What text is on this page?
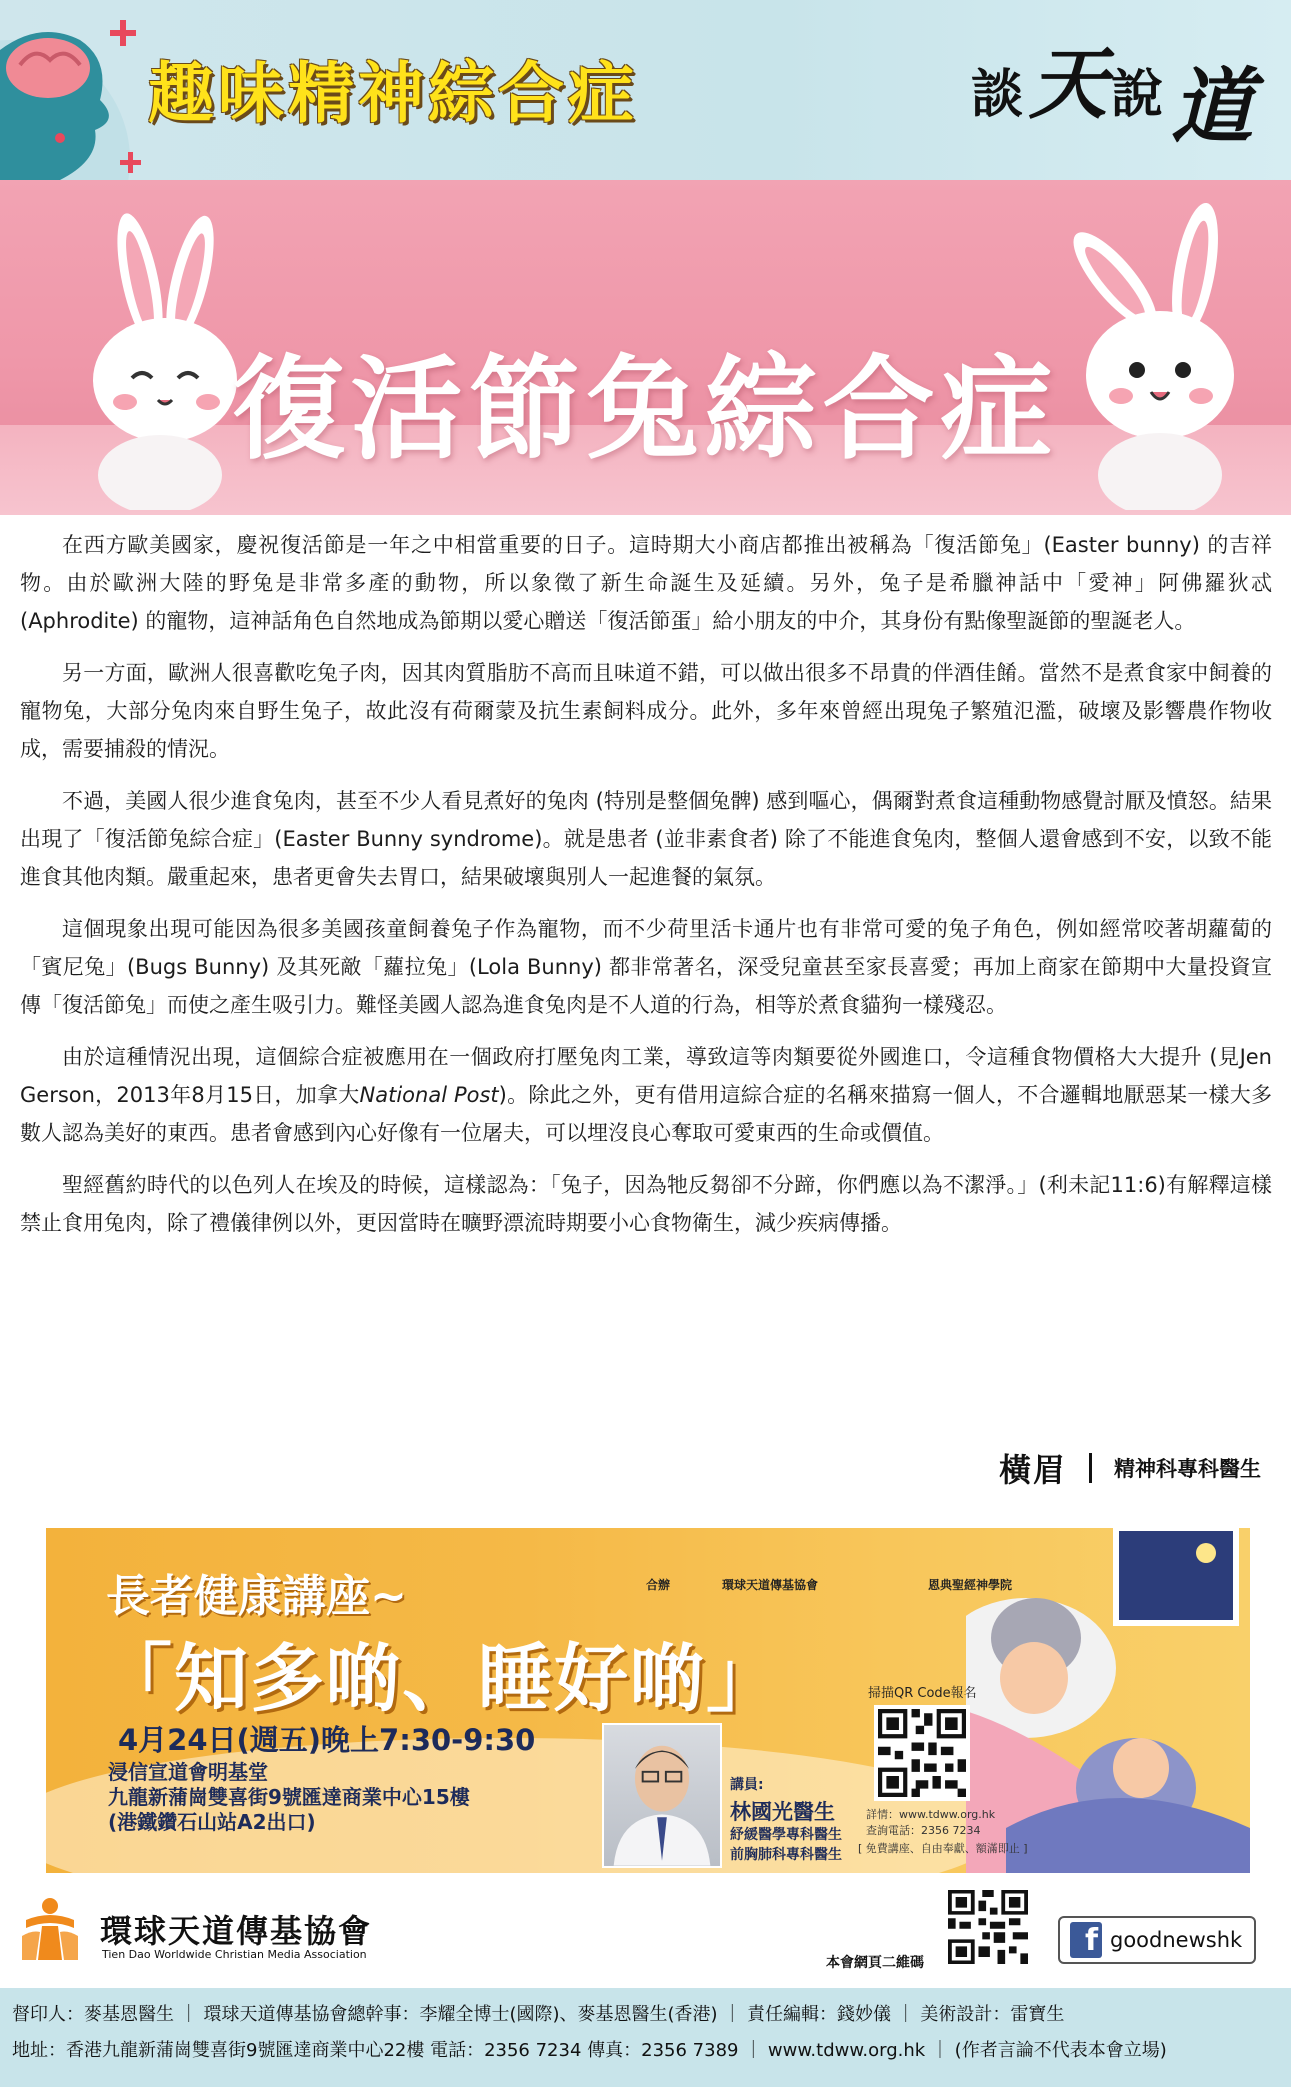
趣味精神綜合症	談 天 說 道
復活節兔綜合症

在西方歐美國家，慶祝復活節是一年之中相當重要的日子。這時期大小商店都推出被稱為「復活節兔」(Easter bunny) 的吉祥物。由於歐洲大陸的野兔是非常多產的動物，所以象徵了新生命誕生及延續。另外，兔子是希臘神話中「愛神」阿佛羅狄忒 (Aphrodite) 的寵物，這神話角色自然地成為節期以愛心贈送「復活節蛋」給小朋友的中介，其身份有點像聖誕節的聖誕老人。

另一方面，歐洲人很喜歡吃兔子肉，因其肉質脂肪不高而且味道不錯，可以做出很多不昂貴的伴酒佳餚。當然不是煮食家中飼養的寵物兔，大部分兔肉來自野生兔子，故此沒有荷爾蒙及抗生素飼料成分。此外，多年來曾經出現兔子繁殖氾濫，破壞及影響農作物收成，需要捕殺的情況。

不過，美國人很少進食兔肉，甚至不少人看見煮好的兔肉 (特別是整個兔髀) 感到嘔心，偶爾對煮食這種動物感覺討厭及憤怒。結果出現了「復活節兔綜合症」(Easter Bunny syndrome)。就是患者 (並非素食者) 除了不能進食兔肉，整個人還會感到不安，以致不能進食其他肉類。嚴重起來，患者更會失去胃口，結果破壞與別人一起進餐的氣氛。

這個現象出現可能因為很多美國孩童飼養兔子作為寵物，而不少荷里活卡通片也有非常可愛的兔子角色，例如經常咬著胡蘿蔔的「賓尼兔」(Bugs Bunny) 及其死敵「蘿拉兔」(Lola Bunny) 都非常著名，深受兒童甚至家長喜愛；再加上商家在節期中大量投資宣傳「復活節兔」而使之產生吸引力。難怪美國人認為進食兔肉是不人道的行為，相等於煮食貓狗一樣殘忍。

由於這種情況出現，這個綜合症被應用在一個政府打壓兔肉工業，導致這等肉類要從外國進口，令這種食物價格大大提升 (見Jen Gerson，2013年8月15日，加拿大National Post)。除此之外，更有借用這綜合症的名稱來描寫一個人，不合邏輯地厭惡某一樣大多數人認為美好的東西。患者會感到內心好像有一位屠夫，可以埋沒良心奪取可愛東西的生命或價值。

聖經舊約時代的以色列人在埃及的時候，這樣認為：「兔子，因為牠反芻卻不分蹄，你們應以為不潔淨。」(利未記11:6)有解釋這樣禁止食用兔肉，除了禮儀律例以外，更因當時在曠野漂流時期要小心食物衛生，減少疾病傳播。

橫眉 精神科專科醫生
長者健康講座~
「知多啲、睡好啲」
4月24日(週五)晚上7:30-9:30
浸信宣道會明基堂
九龍新蒲崗雙喜街9號匯達商業中心15樓
(港鐵鑽石山站A2出口)
合辦	環球天道傳基協會	恩典聖經神學院
掃描QR Code報名
講員:
林國光醫生
紓緩醫學專科醫生
前胸肺科專科醫生
詳情：www.tdww.org.hk
查詢電話：2356 7234
[ 免費講座、自由奉獻、額滿即止 ]
環球天道傳基協會
Tien Dao Worldwide Christian Media Association
本會網頁二維碼
f goodnewshk
督印人：麥基恩醫生 ｜ 環球天道傳基協會總幹事：李耀全博士(國際)、麥基恩醫生(香港) ｜ 責任編輯：錢妙儀 ｜ 美術設計：雷寶生
地址：香港九龍新蒲崗雙喜街9號匯達商業中心22樓 電話：2356 7234 傳真：2356 7389 ｜ www.tdww.org.hk ｜ (作者言論不代表本會立場)
